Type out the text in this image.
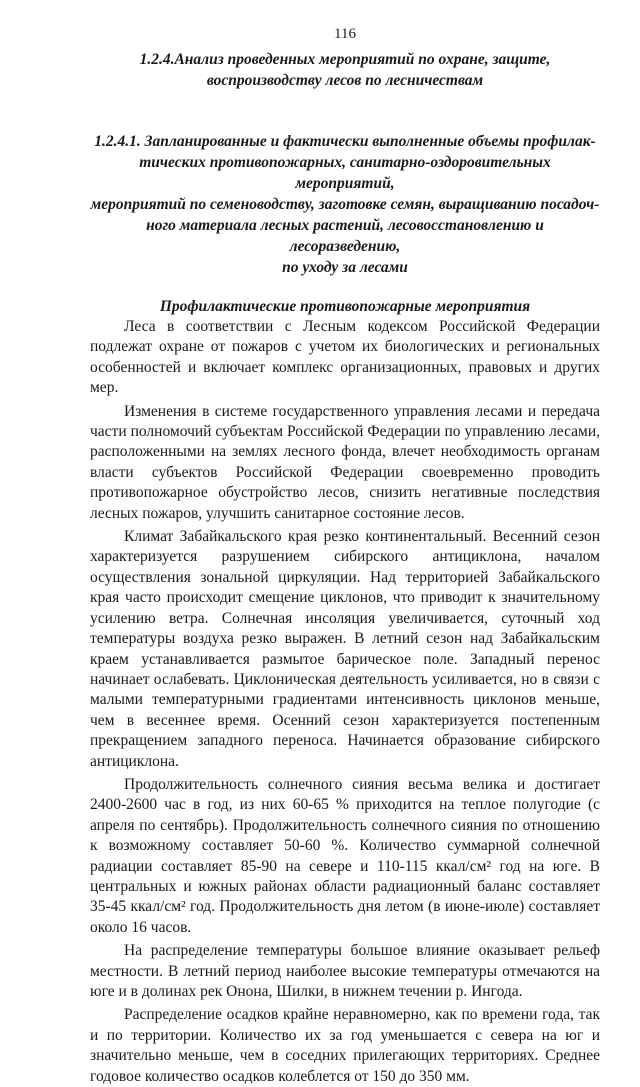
116
1.2.4.Анализ проведенных мероприятий по охране, защите,
воспроизводству лесов по лесничествам
1.2.4.1. Запланированные и фактически выполненные объемы профилак-
тических противопожарных, санитарно-оздоровительных мероприятий,
мероприятий по семеноводству, заготовке семян, выращиванию посадоч-
ного материала лесных растений, лесовосстановлению и лесоразведению,
по уходу за лесами
Профилактические противопожарные мероприятия

Леса в соответствии с Лесным кодексом Российской Федерации подлежат охране от пожаров с учетом их биологических и региональных особенностей и включает комплекс организационных, правовых и других мер.

Изменения в системе государственного управления лесами и передача части полномочий субъектам Российской Федерации по управлению лесами, расположенными на землях лесного фонда, влечет необходимость органам власти субъектов Российской Федерации своевременно проводить противопожарное обустройство лесов, снизить негативные последствия лесных пожаров, улучшить санитарное состояние лесов.

Климат Забайкальского края резко континентальный. Весенний сезон характеризуется разрушением сибирского антициклона, началом осуществления зональной циркуляции. Над территорией Забайкальского края часто происходит смещение циклонов, что приводит к значительному усилению ветра. Солнечная инсоляция увеличивается, суточный ход температуры воздуха резко выражен. В летний сезон над Забайкальским краем устанавливается размытое барическое поле. Западный перенос начинает ослабевать. Циклоническая деятельность усиливается, но в связи с малыми температурными градиентами интенсивность циклонов меньше, чем в весеннее время. Осенний сезон характеризуется постепенным прекращением западного переноса. Начинается образование сибирского антициклона.

Продолжительность солнечного сияния весьма велика и достигает 2400-2600 час в год, из них 60-65 % приходится на теплое полугодие (с апреля по сентябрь). Продолжительность солнечного сияния по отношению к возможному составляет 50-60 %. Количество суммарной солнечной радиации составляет 85-90 на севере и 110-115 ккал/см² год на юге. В центральных и южных районах области радиационный баланс составляет 35-45 ккал/см² год. Продолжительность дня летом (в июне-июле) составляет около 16 часов.

На распределение температуры большое влияние оказывает рельеф местности. В летний период наиболее высокие температуры отмечаются на юге и в долинах рек Онона, Шилки, в нижнем течении р. Ингода.

Распределение осадков крайне неравномерно, как по времени года, так и по территории. Количество их за год уменьшается с севера на юг и значительно меньше, чем в соседних прилегающих территориях. Среднее годовое количество осадков колеблется от 150 до 350 мм.
